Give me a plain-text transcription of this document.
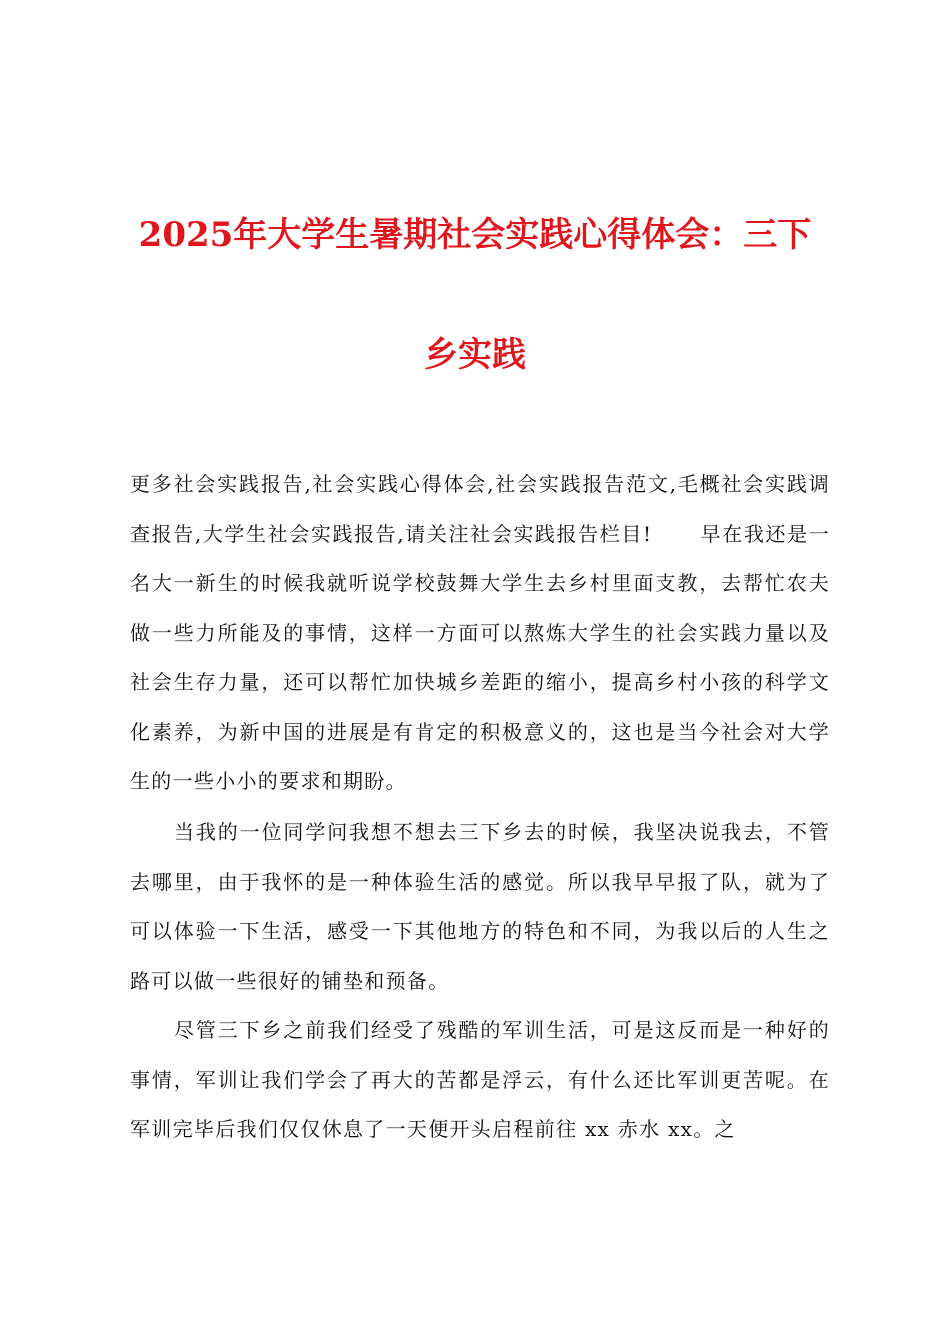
2025年大学生暑期社会实践心得体会：三下
乡实践

更多社会实践报告,社会实践心得体会,社会实践报告范文,毛概社会实践调查报告,大学生社会实践报告,请关注社会实践报告栏目! 早在我还是一名大一新生的时候我就听说学校鼓舞大学生去乡村里面支教，去帮忙农夫做一些力所能及的事情，这样一方面可以熬炼大学生的社会实践力量以及社会生存力量，还可以帮忙加快城乡差距的缩小，提高乡村小孩的科学文化素养，为新中国的进展是有肯定的积极意义的，这也是当今社会对大学生的一些小小的要求和期盼。

当我的一位同学问我想不想去三下乡去的时候，我坚决说我去，不管去哪里，由于我怀的是一种体验生活的感觉。所以我早早报了队，就为了可以体验一下生活，感受一下其他地方的特色和不同，为我以后的人生之路可以做一些很好的铺垫和预备。

尽管三下乡之前我们经受了残酷的军训生活，可是这反而是一种好的事情，军训让我们学会了再大的苦都是浮云，有什么还比军训更苦呢。在军训完毕后我们仅仅休息了一天便开头启程前往 xx 赤水 xx。之
